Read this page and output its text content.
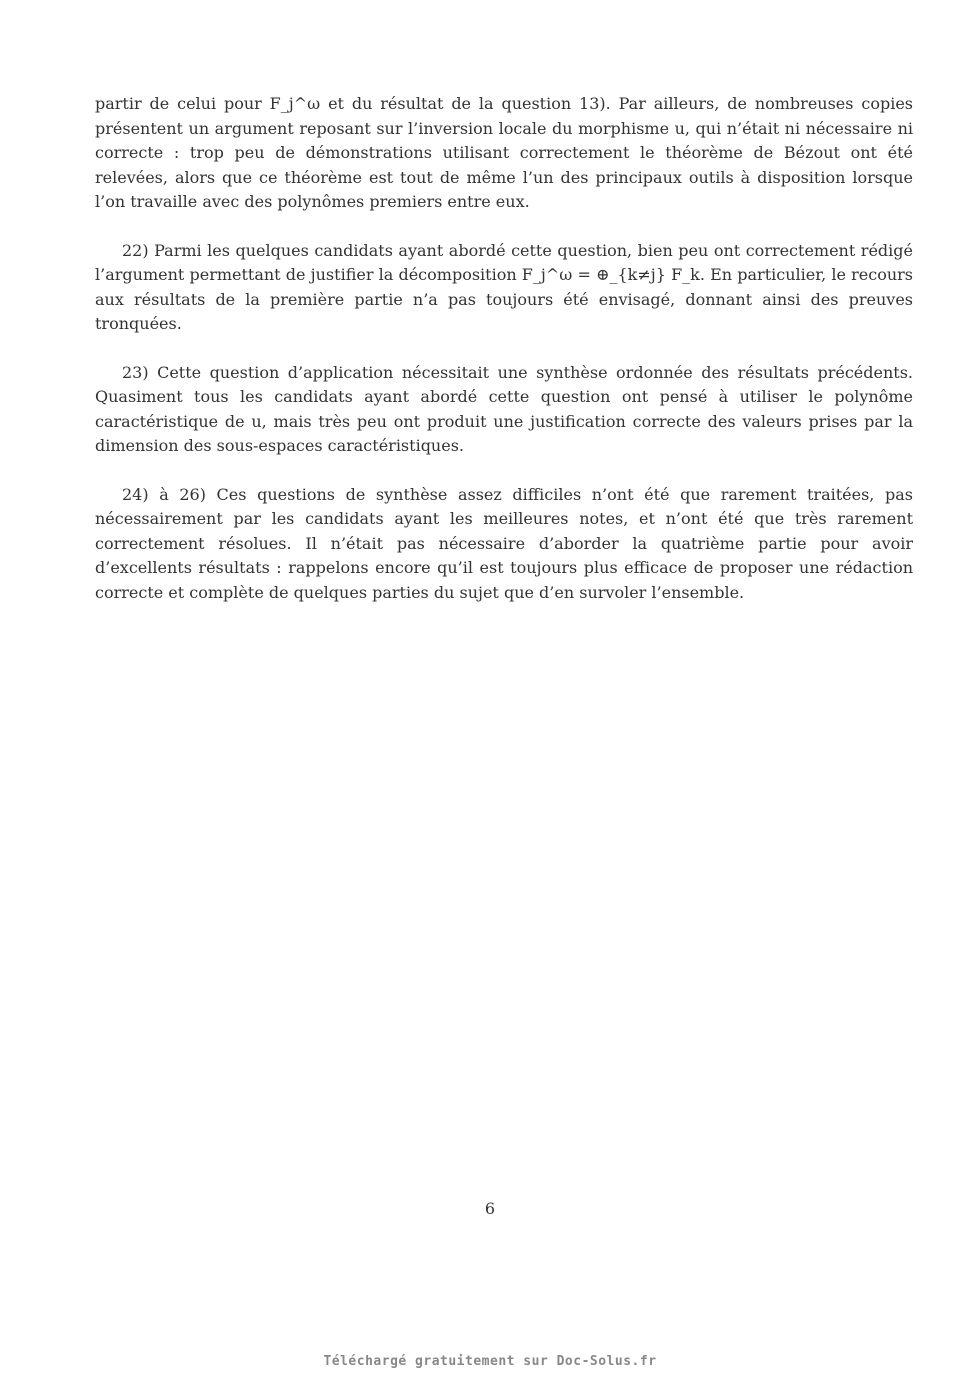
partir de celui pour F_j^ω et du résultat de la question 13). Par ailleurs, de nombreuses copies présentent un argument reposant sur l’inversion locale du morphisme u, qui n’était ni nécessaire ni correcte : trop peu de démonstrations utilisant correctement le théorème de Bézout ont été relevées, alors que ce théorème est tout de même l’un des principaux outils à disposition lorsque l’on travaille avec des polynômes premiers entre eux.

22) Parmi les quelques candidats ayant abordé cette question, bien peu ont correctement rédigé l’argument permettant de justifier la décomposition F_j^ω = ⊕_{k≠j} F_k. En particulier, le recours aux résultats de la première partie n’a pas toujours été envisagé, donnant ainsi des preuves tronquées.

23) Cette question d’application nécessitait une synthèse ordonnée des résultats précédents. Quasiment tous les candidats ayant abordé cette question ont pensé à utiliser le polynôme caractéristique de u, mais très peu ont produit une justification correcte des valeurs prises par la dimension des sous-espaces caractéristiques.

24) à 26) Ces questions de synthèse assez difficiles n’ont été que rarement traitées, pas nécessairement par les candidats ayant les meilleures notes, et n’ont été que très rarement correctement résolues. Il n’était pas nécessaire d’aborder la quatrième partie pour avoir d’excellents résultats : rappelons encore qu’il est toujours plus efficace de proposer une rédaction correcte et complète de quelques parties du sujet que d’en survoler l’ensemble.

6
Téléchargé gratuitement sur Doc-Solus.fr
